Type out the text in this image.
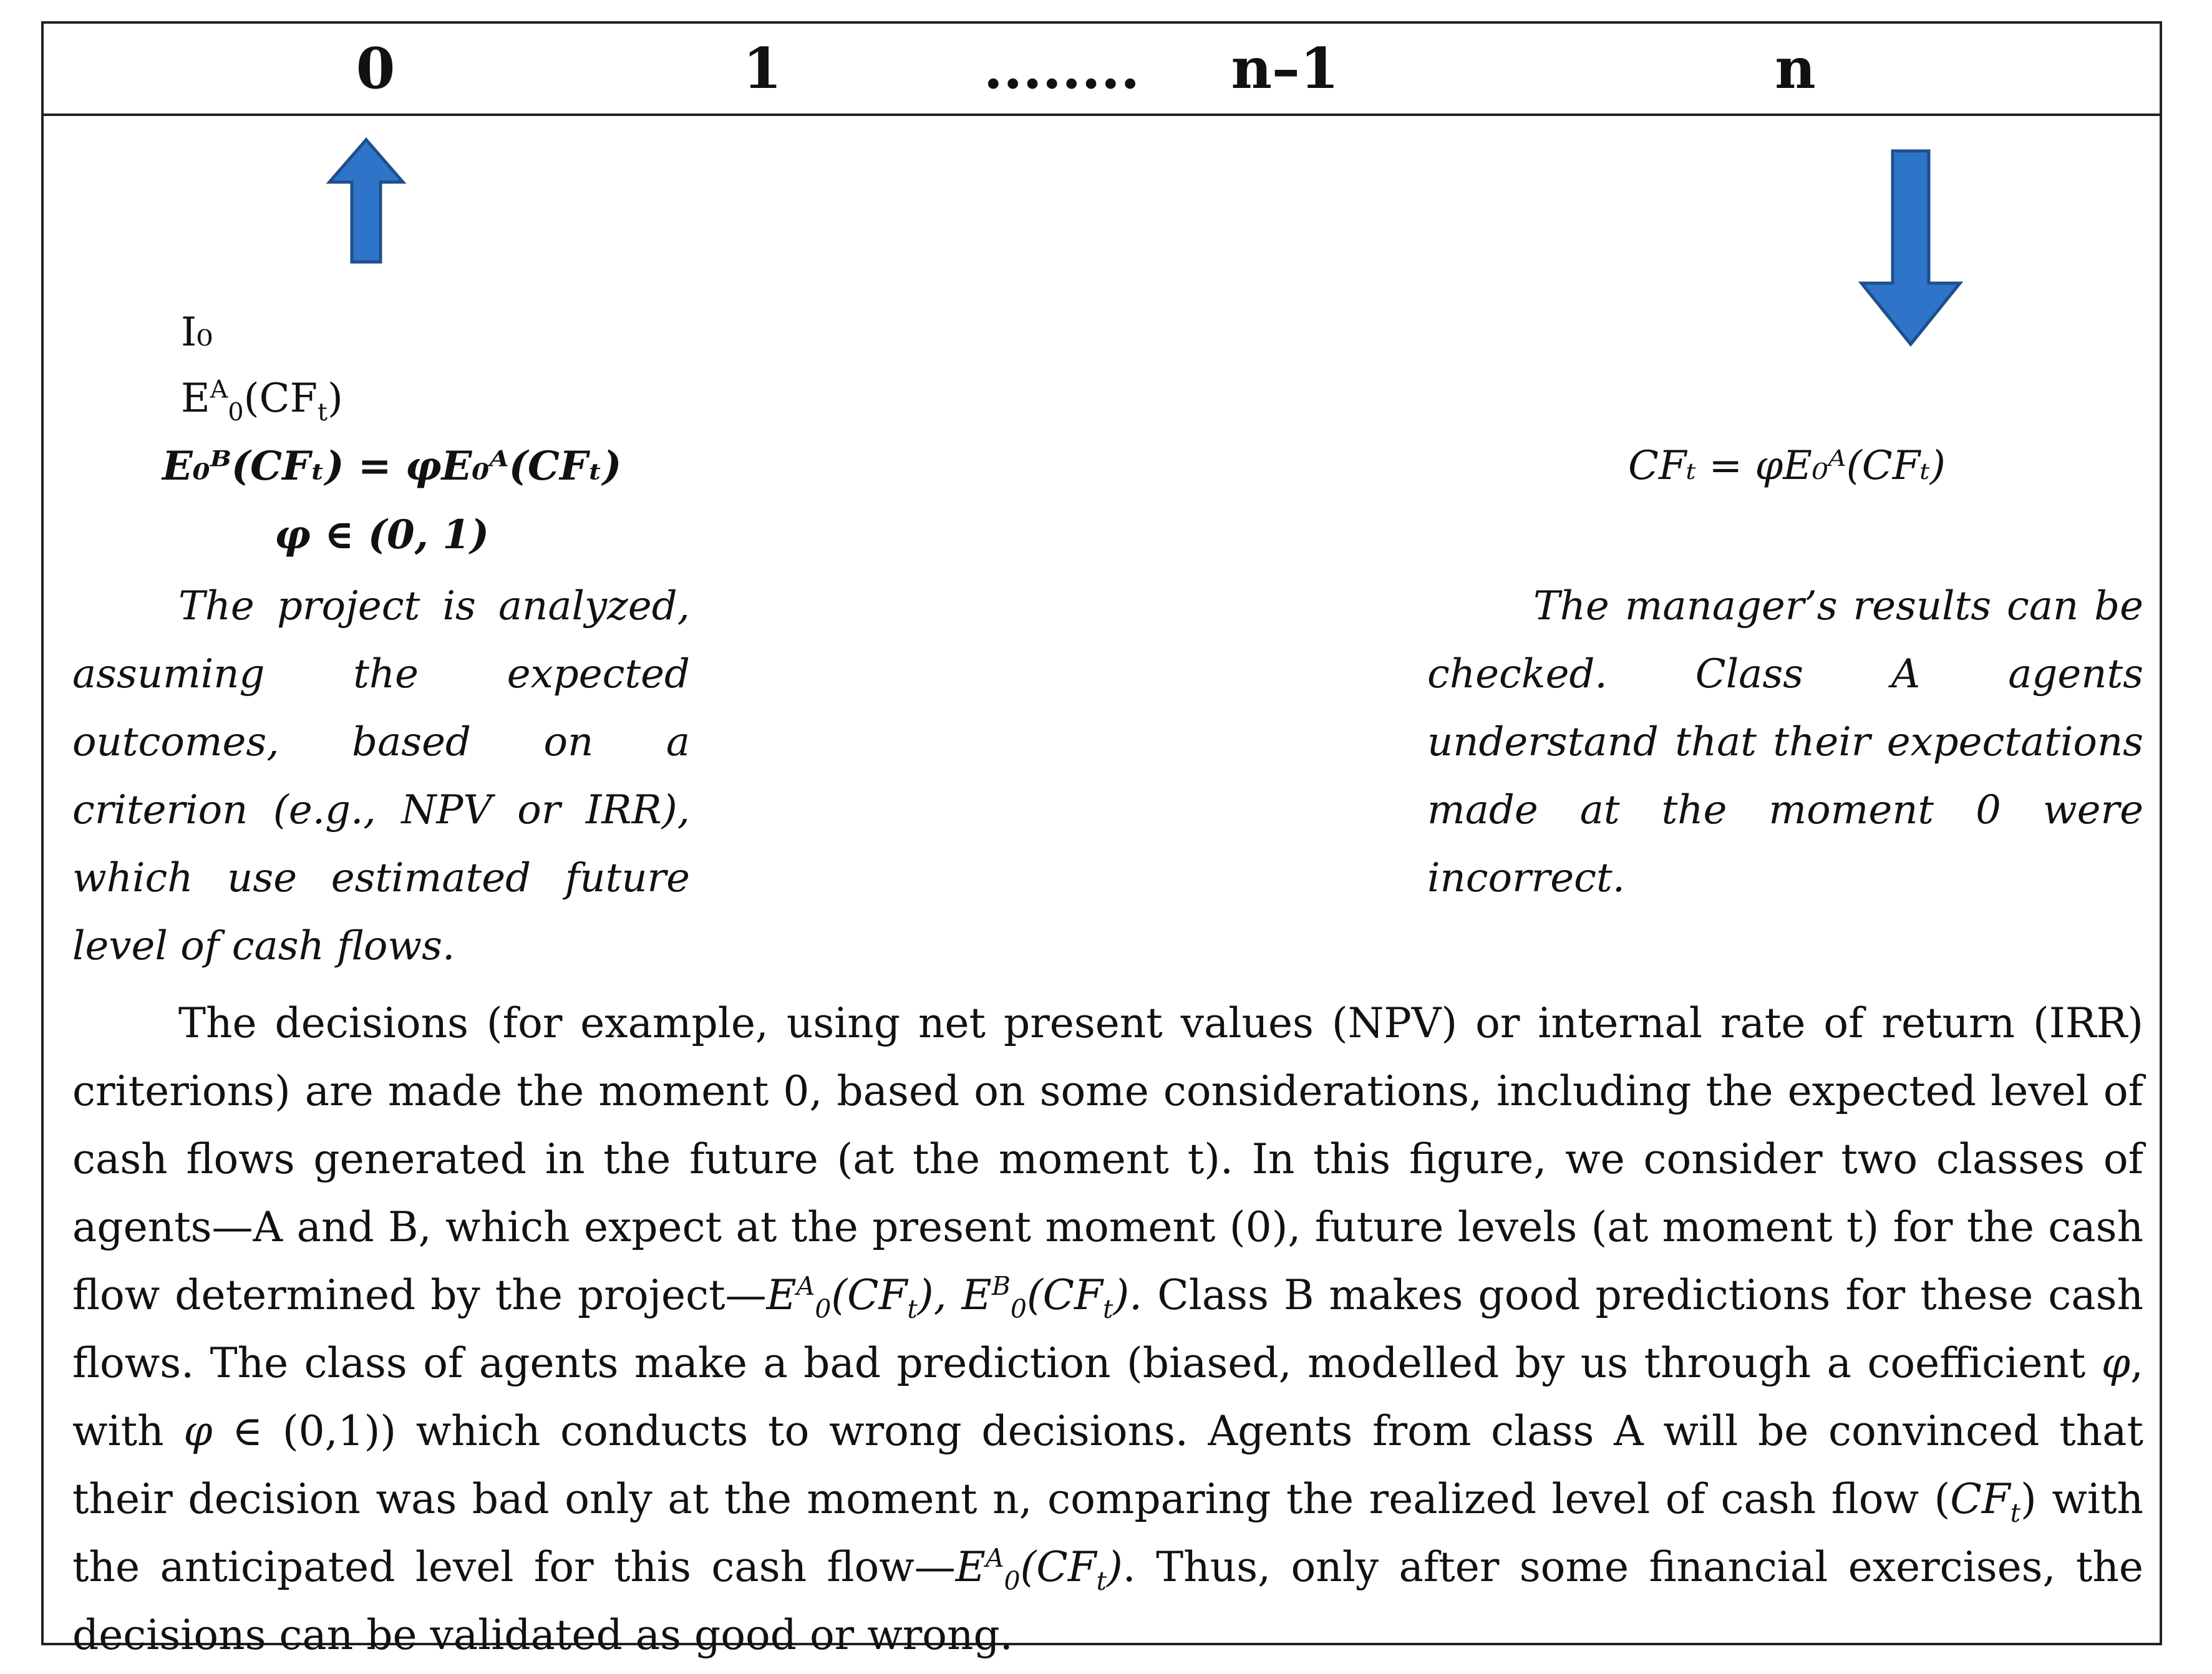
0	1	........ n–1	n
I₀
$E^A_0(CF_t)$
E₀ᴮ(CFₜ) = φE₀ᴬ(CFₜ)
φ ∈ (0, 1)
The project is analyzed, assuming the expected outcomes, based on a criterion (e.g., NPV or IRR), which use estimated future level of cash flows.
CFₜ = φE₀ᴬ(CFₜ)
The manager’s results can be checked. Class A agents understand that their expectations made at the moment 0 were incorrect.
The decisions (for example, using net present values (NPV) or internal rate of return (IRR) criterions) are made the moment 0, based on some considerations, including the expected level of cash flows generated in the future (at the moment t). In this figure, we consider two classes of agents—A and B, which expect at the present moment (0), future levels (at moment t) for the cash flow determined by the $project—E^A_0(CF_t)$, $E^B_0(CF_t)$. Class B makes good predictions for these cash flows. The class of agents make a bad prediction (biased, modelled by us through a coefficient φ, with φ ∈ (0,1)) which conducts to wrong decisions. Agents from class A will be convinced that their decision was bad only at the moment n, comparing the realized level of cash flow $(CF_t)$ with the anticipated level for this cash $flow—E^A_0(CF_t)$. Thus, only after some financial exercises, the decisions can be validated as good or wrong.
